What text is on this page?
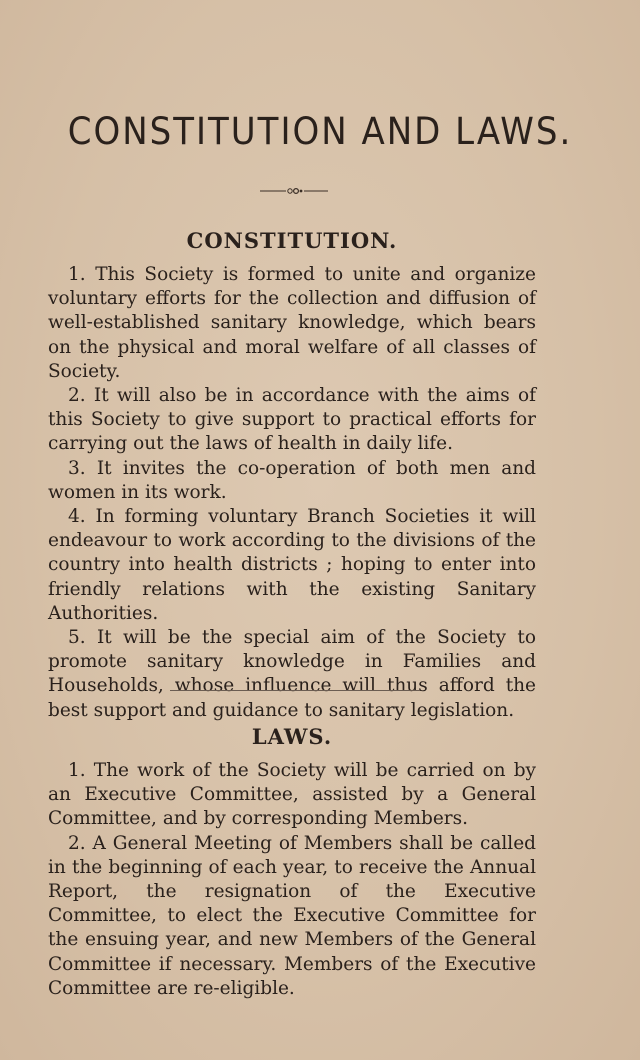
CONSTITUTION AND LAWS.
CONSTITUTION.

1. This Society is formed to unite and organize voluntary efforts for the collection and diffusion of well-established sanitary knowledge, which bears on the physical and moral welfare of all classes of Society.

2. It will also be in accordance with the aims of this Society to give support to practical efforts for carrying out the laws of health in daily life.

3. It invites the co-operation of both men and women in its work.

4. In forming voluntary Branch Societies it will endeavour to work according to the divisions of the country into health districts ; hoping to enter into friendly relations with the existing Sanitary Authorities.

5. It will be the special aim of the Society to promote sanitary knowledge in Families and Households, whose influence will thus afford the best support and guidance to sanitary legislation.

LAWS.

1. The work of the Society will be carried on by an Executive Committee, assisted by a General Committee, and by corresponding Members.

2. A General Meeting of Members shall be called in the beginning of each year, to receive the Annual Report, the resignation of the Executive Committee, to elect the Executive Committee for the ensuing year, and new Members of the General Committee if necessary. Members of the Executive Committee are re-eligible.
